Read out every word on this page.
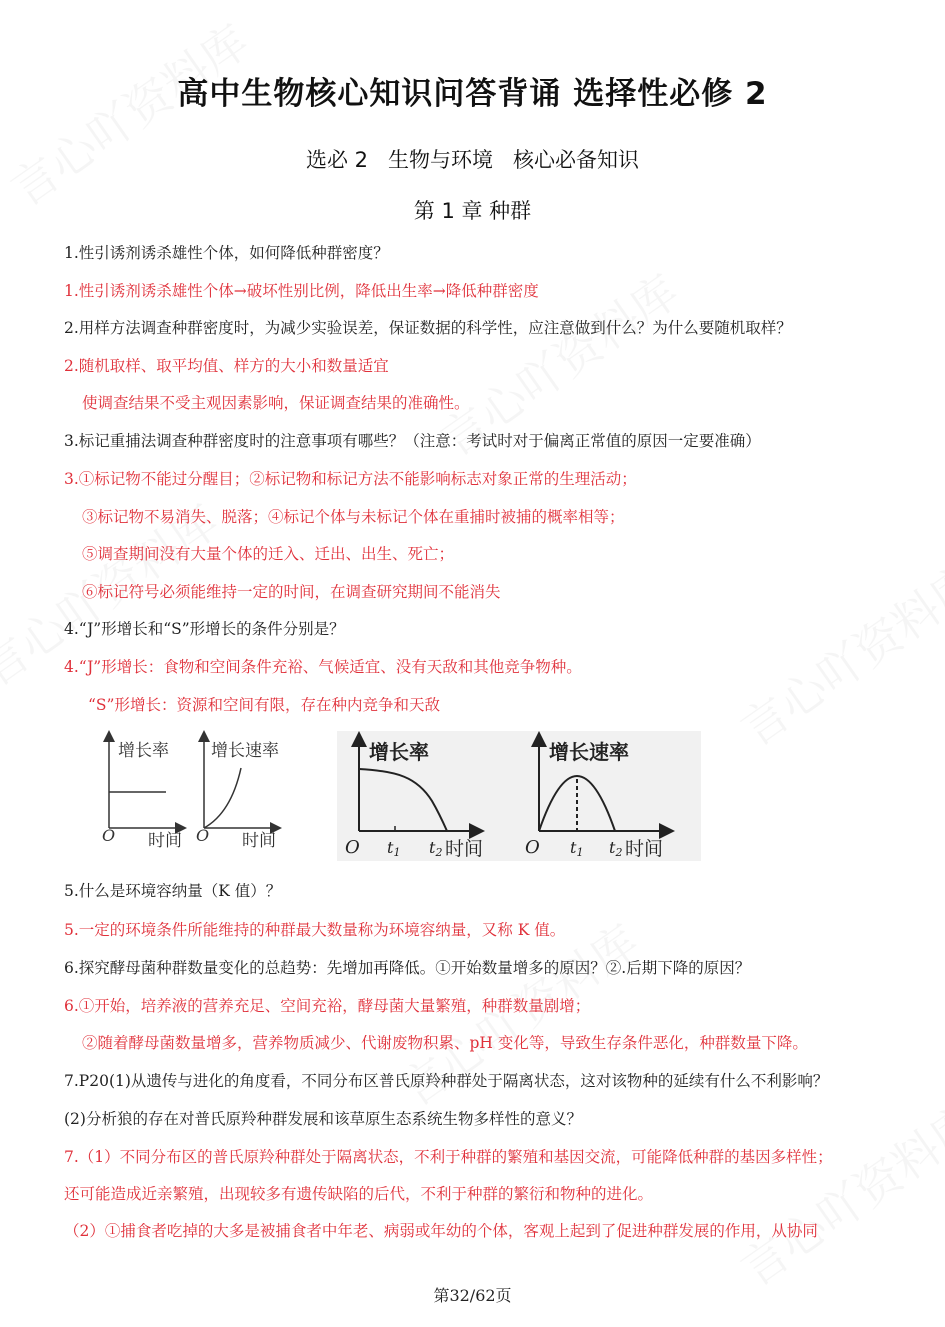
高中生物核心知识问答背诵 选择性必修 2
选必 2   生物与环境   核心必备知识
第 1 章 种群
1.性引诱剂诱杀雄性个体，如何降低种群密度？
1.性引诱剂诱杀雄性个体→破坏性别比例，降低出生率→降低种群密度
2.用样方法调查种群密度时，为减少实验误差，保证数据的科学性，应注意做到什么？为什么要随机取样？
2.随机取样、取平均值、样方的大小和数量适宜
使调查结果不受主观因素影响，保证调查结果的准确性。
3.标记重捕法调查种群密度时的注意事项有哪些？（注意：考试时对于偏离正常值的原因一定要准确）
3.①标记物不能过分醒目；②标记物和标记方法不能影响标志对象正常的生理活动；
③标记物不易消失、脱落；④标记个体与未标记个体在重捕时被捕的概率相等；
⑤调查期间没有大量个体的迁入、迁出、出生、死亡；
⑥标记符号必须能维持一定的时间，在调查研究期间不能消失
4.“J”形增长和“S”形增长的条件分别是？
4.“J”形增长：食物和空间条件充裕、气候适宜、没有天敌和其他竞争物种。
“S”形增长：资源和空间有限，存在种内竞争和天敌
5.什么是环境容纳量（K 值）？
5.一定的环境条件所能维持的种群最大数量称为环境容纳量，又称 K 值。
6.探究酵母菌种群数量变化的总趋势：先增加再降低。①开始数量增多的原因？②.后期下降的原因？
6.①开始，培养液的营养充足、空间充裕，酵母菌大量繁殖，种群数量剧增；
②随着酵母菌数量增多，营养物质减少、代谢废物积累、pH 变化等，导致生存条件恶化，种群数量下降。
7.P20(1)从遗传与进化的角度看，不同分布区普氏原羚种群处于隔离状态，这对该物种的延续有什么不利影响？
(2)分析狼的存在对普氏原羚种群发展和该草原生态系统生物多样性的意义？
7.（1）不同分布区的普氏原羚种群处于隔离状态，不利于种群的繁殖和基因交流，可能降低种群的基因多样性；
还可能造成近亲繁殖，出现较多有遗传缺陷的后代，不利于种群的繁衍和物种的进化。
（2）①捕食者吃掉的大多是被捕食者中年老、病弱或年幼的个体，客观上起到了促进种群发展的作用，从协同
增长率
O 时间
增长速率
O 时间
增长率
O t1 t2 时间
增长速率
O t1 t2 时间
第32/62页
